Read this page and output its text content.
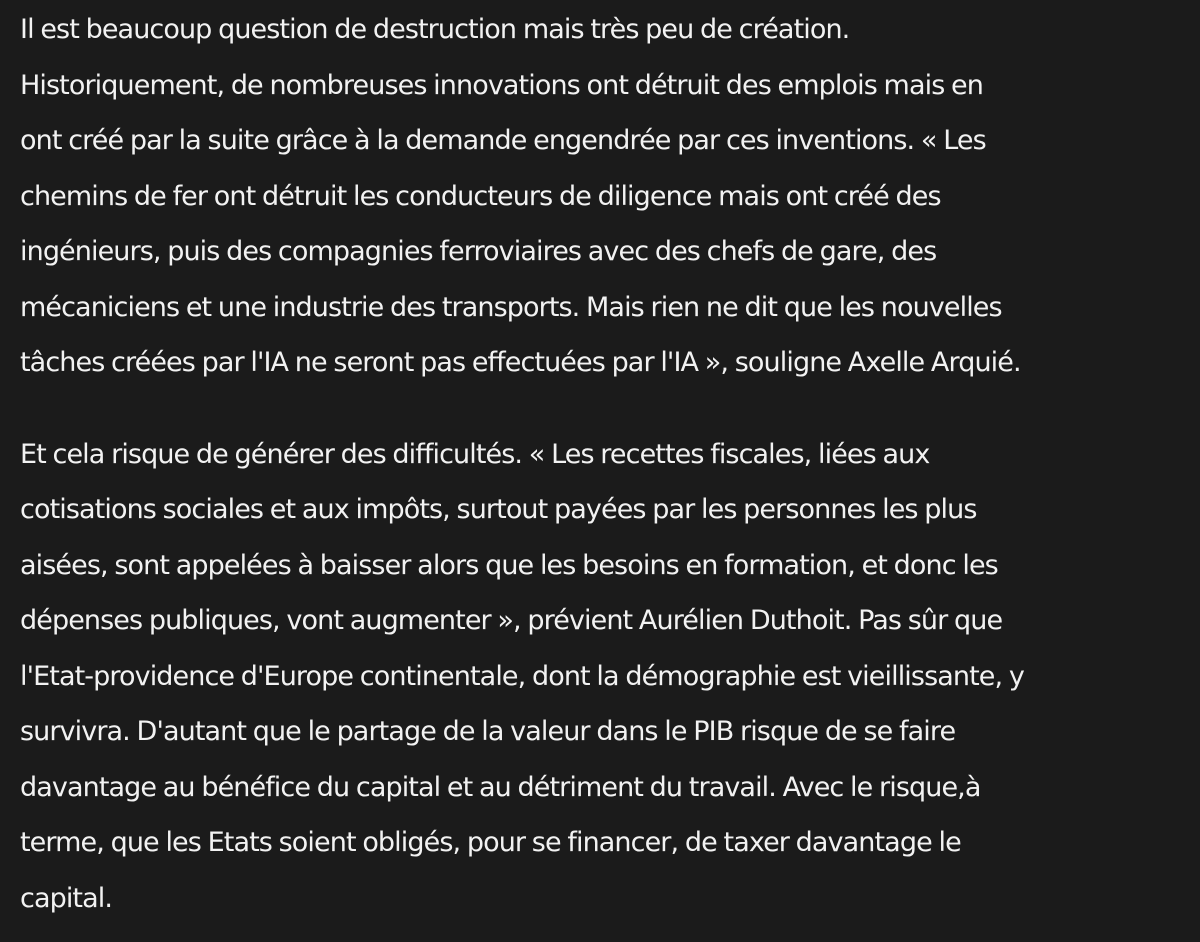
Il est beaucoup question de destruction mais très peu de création.
Historiquement, de nombreuses innovations ont détruit des emplois mais en
ont créé par la suite grâce à la demande engendrée par ces inventions. « Les
chemins de fer ont détruit les conducteurs de diligence mais ont créé des
ingénieurs, puis des compagnies ferroviaires avec des chefs de gare, des
mécaniciens et une industrie des transports. Mais rien ne dit que les nouvelles
tâches créées par l'IA ne seront pas effectuées par l'IA », souligne Axelle Arquié.

Et cela risque de générer des difficultés. « Les recettes fiscales, liées aux
cotisations sociales et aux impôts, surtout payées par les personnes les plus
aisées, sont appelées à baisser alors que les besoins en formation, et donc les
dépenses publiques, vont augmenter », prévient Aurélien Duthoit. Pas sûr que
l'Etat-providence d'Europe continentale, dont la démographie est vieillissante, y
survivra. D'autant que le partage de la valeur dans le PIB risque de se faire
davantage au bénéfice du capital et au détriment du travail. Avec le risque,à
terme, que les Etats soient obligés, pour se financer, de taxer davantage le
capital.
